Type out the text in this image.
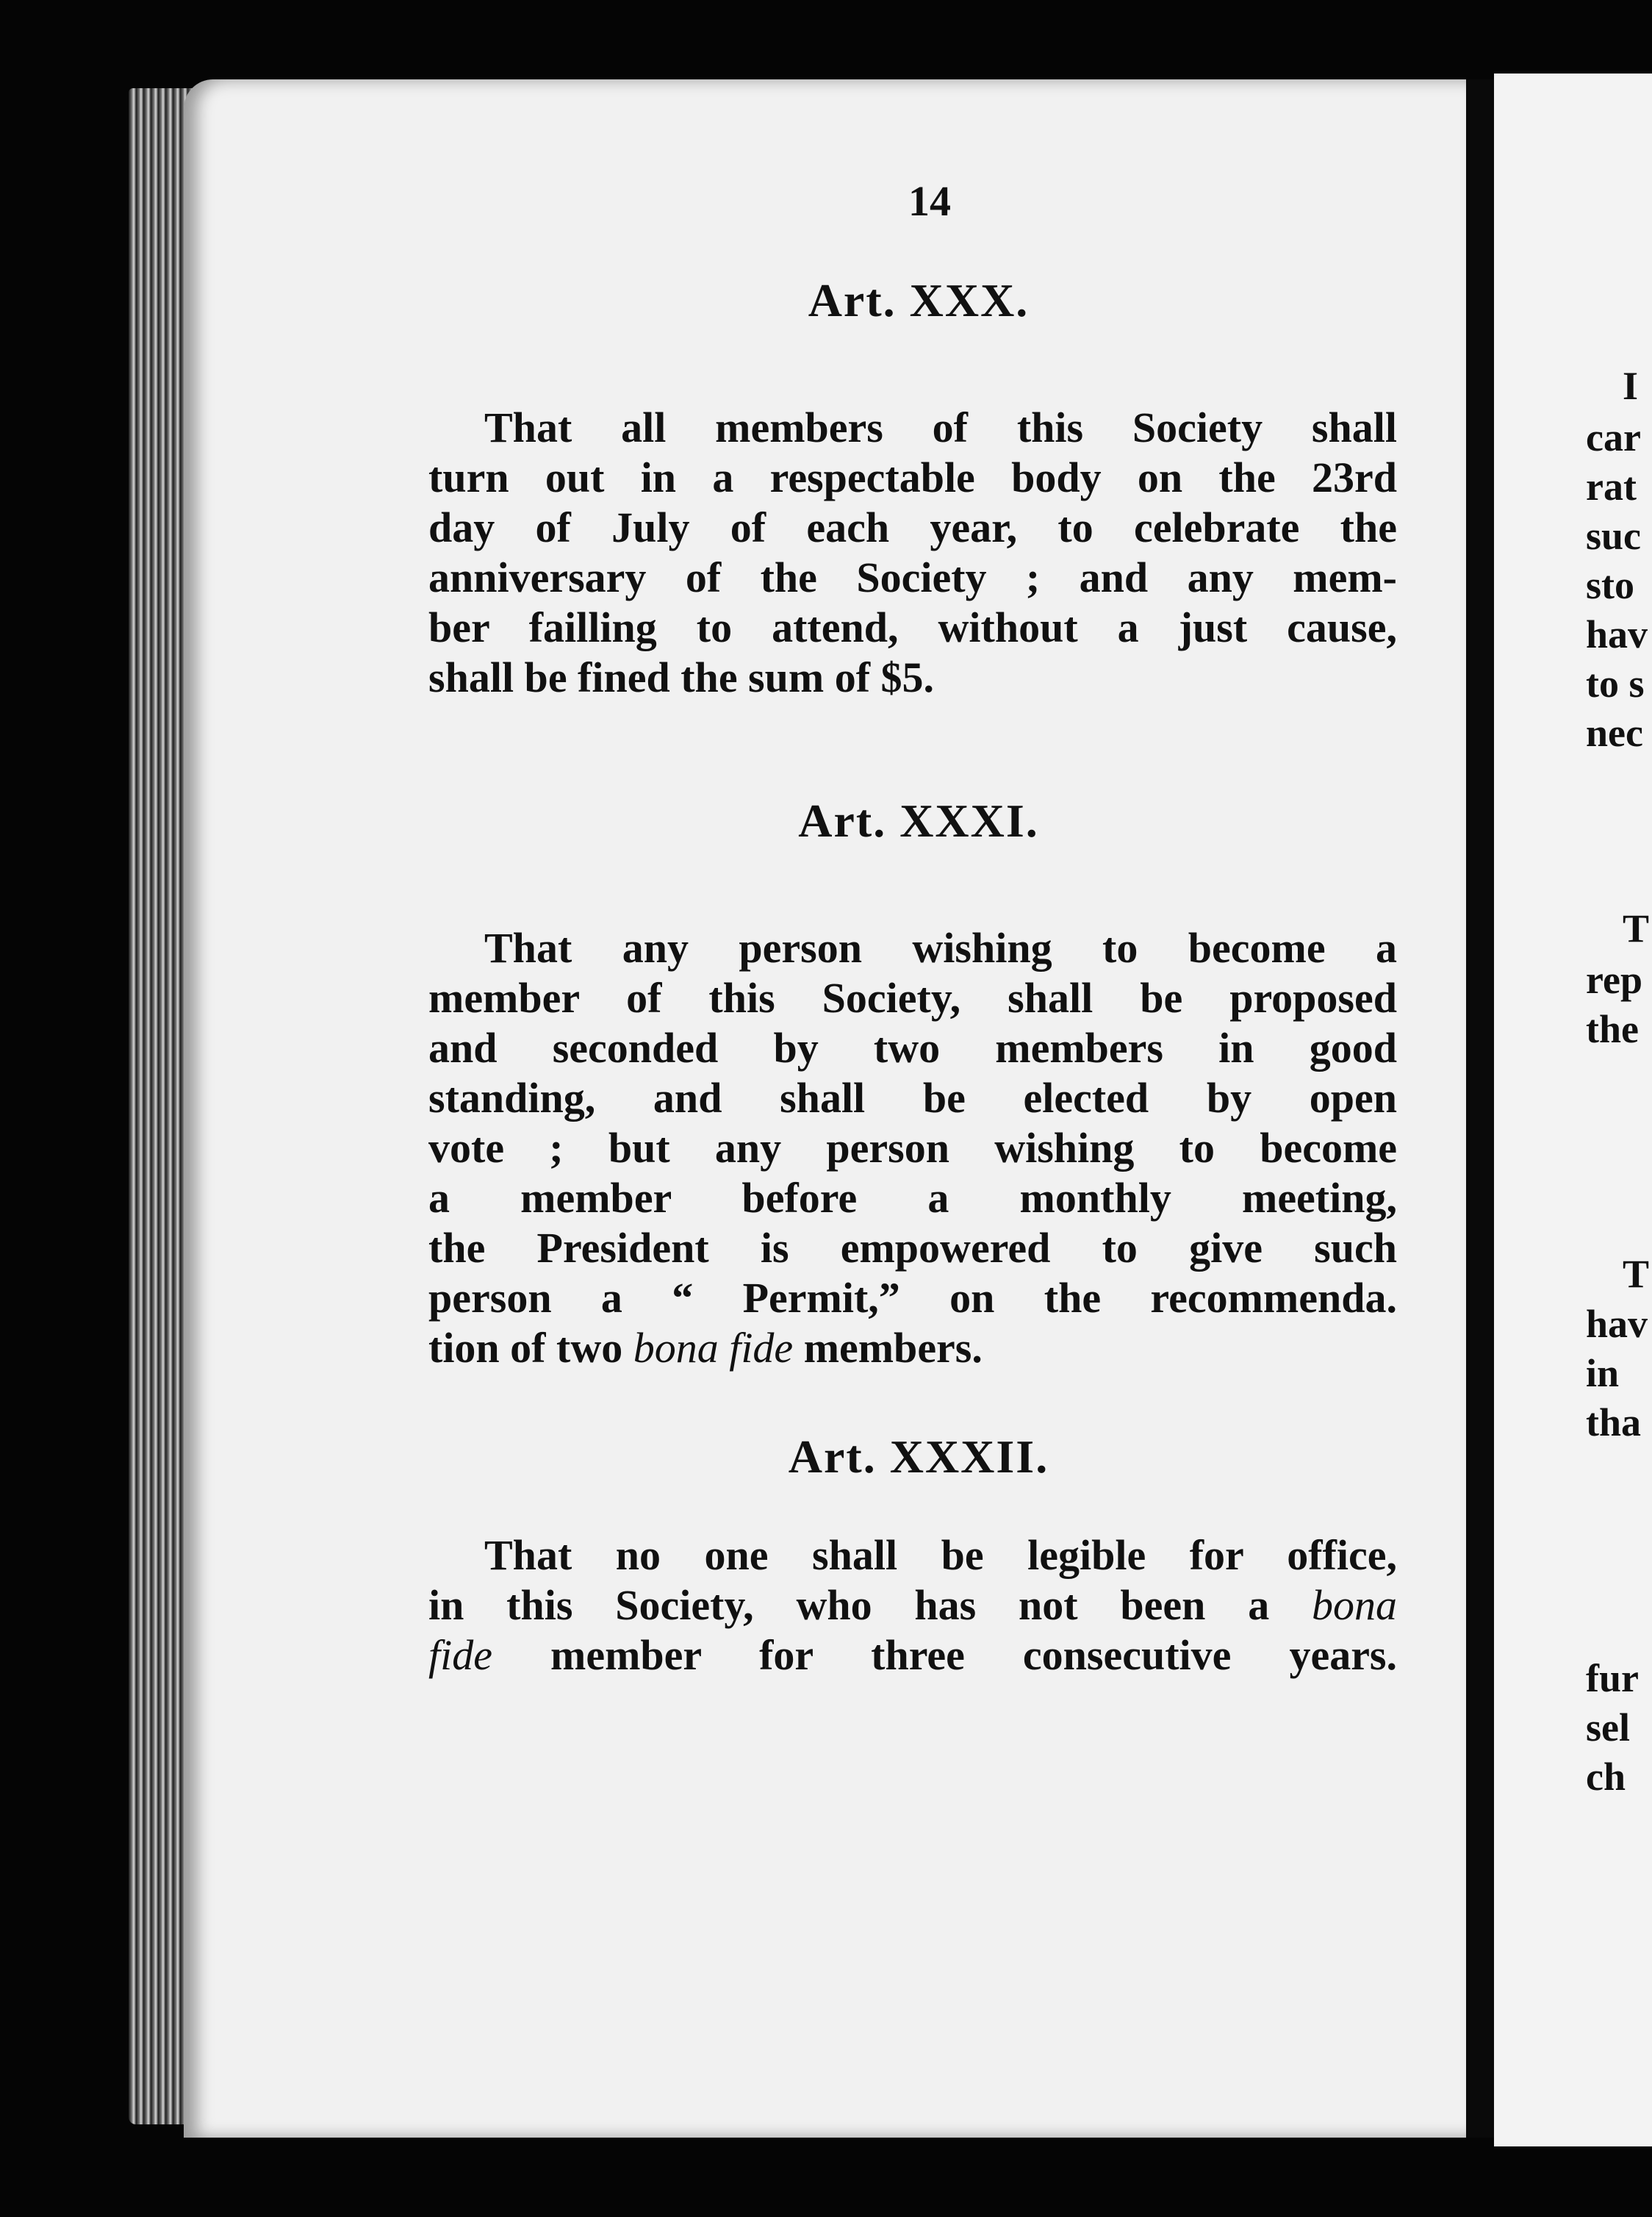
I

car

rat

suc

sto

hav

to s

nec

T

rep

the

T

hav

in

tha

fur

sel

ch

14
Art. XXX.
That all members of this Society shall
turn out in a respectable body on the 23rd
day of July of each year, to celebrate the
anniversary of the Society ; and any mem-
ber failling to attend, without a just cause,
shall be fined the sum of $5.
Art. XXXI.
That any person wishing to become a
member of this Society, shall be proposed
and seconded by two members in good
standing, and shall be elected by open
vote ; but any person wishing to become
a member before a monthly meeting,
the President is empowered to give such
person a “ Permit,” on the recommenda.
tion of two bona fide members.
Art. XXXII.
That no one shall be legible for office,
in this Society, who has not been a bona
fide member for three consecutive years.
